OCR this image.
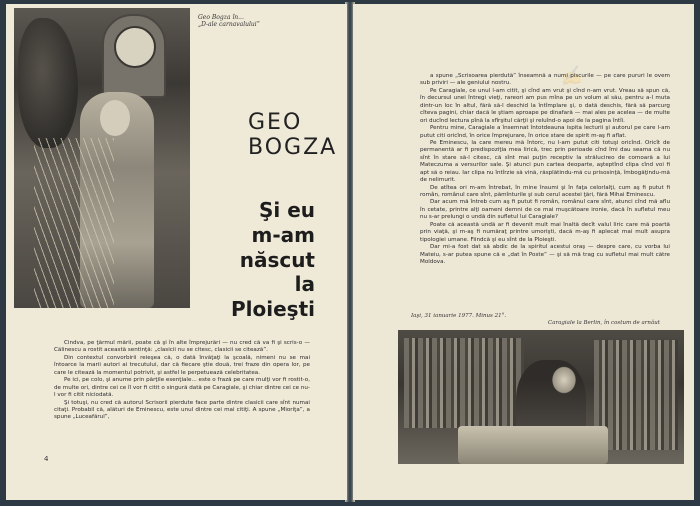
Geo Bogza în...
„D-ale carnavalului”
GEO
BOGZA
Şi eu
m-am
născut
la Ploieşti

Cindva, pe ţărmul mării, poate că şi în alte împrejurări — nu cred că va fi şi scris-o — Călinescu a rostit această sentinţă: „clasicii nu se citesc, clasicii se citează”.

Din contextul convorbirii reieşea că, o dată învăţaţi la şcoală, nimeni nu se mai întoarce la marii autori ai trecutului, dar că fiecare ştie două, trei fraze din opera lor, pe care le citează la momentul potrivit, şi astfel le perpetuează celebritatea.

Pe ici, pe colo, şi anume prin părţile esenţiale... este o frază pe care mulţi vor fi rostit-o, de multe ori, dintre cei ce îl vor fi citit o singură dată pe Caragiale, şi chiar dintre cei ce nu-l vor fi citit niciodată.

Şi totuşi, nu cred că autorul Scrisorii pierdute face parte dintre clasicii care sînt numai citaţi. Probabil că, alături de Eminescu, este unul dintre cei mai citiţi. A spune „Mioriţa”, a spune „Luceafărul”,

4
✍

a spune „Scrisoarea pierdută” înseamnă a numi piscurile — pe care pururi le ovem sub priviri — ale geniului nostru.

Pe Caragiale, ce unul l-am citit, şi cînd am vrut şi cînd n-am vrut. Vreau să spun că, în decursul unei întregi vieţi, rareori am pus mîna pe un volum al său, pentru a-l muta dintr-un loc în altul, fără să-l deschid la întîmplare şi, o dată deschis, fără să parcurg cîteva pagini, chiar dacă le ştiam aproape pe dinafară — mai ales pe acelea — de multe ori ducînd lectura pînă la sfîrşitul cărţii şi reluînd-o apoi de la pagina întîi.

Pentru mine, Caragiale a însemnat întotdeauna ispita lecturii şi autorul pe care l-am putut citi oricînd, în orice împrejurare, în orice stare de spirit m-aş fi aflat.

Pe Eminescu, la care mereu mă întorc, nu l-am putut citi totuşi oricînd. Oricît de permanentă ar fi predispoziţia mea lirică, trec prin perioade cînd îmi dau seama că nu sînt în stare să-l citesc, că sînt mai puţin receptiv la strălucireo de comoară a lui Mateczuma a versurilor sale. Şi atunci pun cartea deoparte, aşteptînd clipa cînd voi fi apt să o reiau. Iar clipa nu întîrzie să vină, răsplătindu-mă cu prisosinţă, îmbogăţindu-mă de nelimurit.

De atîtea ori m-am întrebat, în mine însumi şi în faţa celorlalţi, cum aş fi putut fi român, românul care sînt, pămînturile şi sub cerul acestei ţări, fără Mihai Eminescu.

Dar acum mă întreb cum aş fi putut fi român, românul care sînt, atunci cînd mă aflu în cetate, printre alţi oameni demni de ce mai muşcătoare ironie, dacă în sufletul meu nu s-ar prelungi o undă din sufletul lui Caragiale?

Poate că această undă ar fi devenit mult mai înaltă decît valul liric care mă poartă prin viaţă, şi m-aş fi număraţ printre umorişti, dacă m-aş fi aplecat mai mult asupra tipologiei umane. Fiindcă şi eu sînt de la Ploieşti.

Dar mi-a fost dat să abdic de la spiritul acestui oraş — despre care, cu vorba lui Mateiu, s-ar putea spune că e „dat în Poste” — şi să mă trag cu sufletul mai mult către Moldova.

Iaşi, 31 ianuarie 1977. Minus 21°.
Caragiale la Berlin, în costum de arnăut
